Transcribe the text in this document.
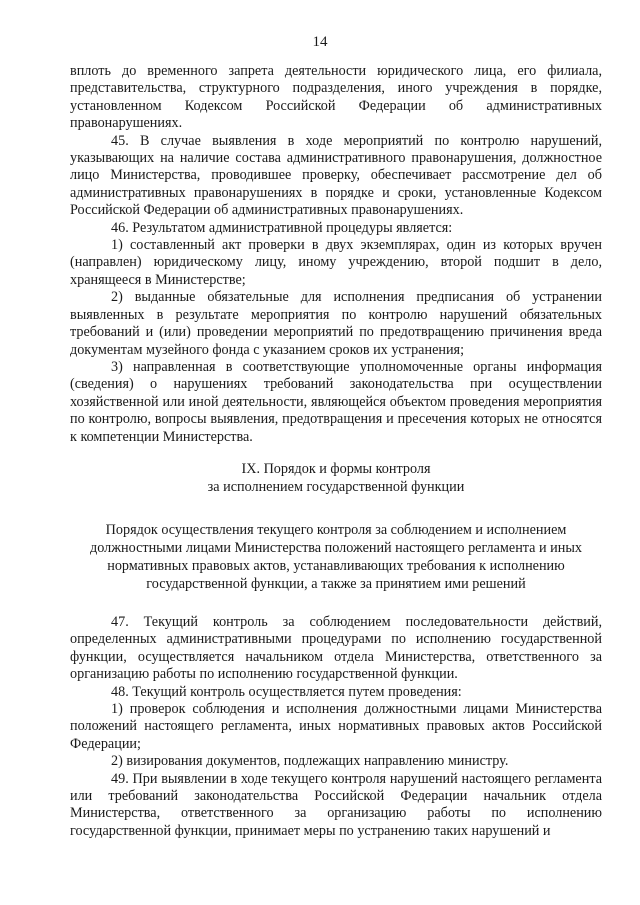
14

вплоть до временного запрета деятельности юридического лица, его филиала, представительства, структурного подразделения, иного учреждения в порядке, установленном Кодексом Российской Федерации об административных правонарушениях.

45. В случае выявления в ходе мероприятий по контролю нарушений, указывающих на наличие состава административного правонарушения, должностное лицо Министерства, проводившее проверку, обеспечивает рассмотрение дел об административных правонарушениях в порядке и сроки, установленные Кодексом Российской Федерации об административных правонарушениях.

46. Результатом административной процедуры является:

1) составленный акт проверки в двух экземплярах, один из которых вручен (направлен) юридическому лицу, иному учреждению, второй подшит в дело, хранящееся в Министерстве;

2) выданные обязательные для исполнения предписания об устранении выявленных в результате мероприятия по контролю нарушений обязательных требований и (или) проведении мероприятий по предотвращению причинения вреда документам музейного фонда с указанием сроков их устранения;

3) направленная в соответствующие уполномоченные органы информация (сведения) о нарушениях требований законодательства при осуществлении хозяйственной или иной деятельности, являющейся объектом проведения мероприятия по контролю, вопросы выявления, предотвращения и пресечения которых не относятся к компетенции Министерства.

IX. Порядок и формы контроля
за исполнением государственной функции
Порядок осуществления текущего контроля за соблюдением и исполнением
должностными лицами Министерства положений настоящего регламента и иных
нормативных правовых актов, устанавливающих требования к исполнению
государственной функции, а также за принятием ими решений

47. Текущий контроль за соблюдением последовательности действий, определенных административными процедурами по исполнению государственной функции, осуществляется начальником отдела Министерства, ответственного за организацию работы по исполнению государственной функции.

48. Текущий контроль осуществляется путем проведения:

1) проверок соблюдения и исполнения должностными лицами Министерства положений настоящего регламента, иных нормативных правовых актов Российской Федерации;

2) визирования документов, подлежащих направлению министру.

49. При выявлении в ходе текущего контроля нарушений настоящего регламента или требований законодательства Российской Федерации начальник отдела Министерства, ответственного за организацию работы по исполнению государственной функции, принимает меры по устранению таких нарушений и
